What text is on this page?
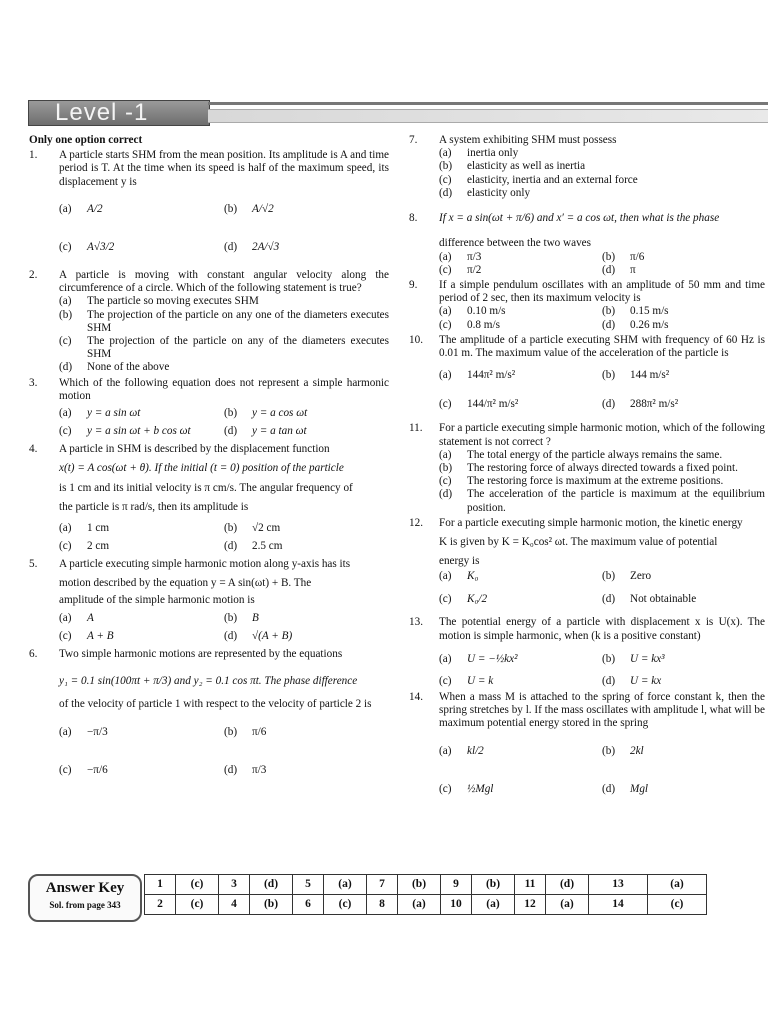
Level -1
Only one option correct
1. A particle starts SHM from the mean position. Its amplitude is A and time period is T. At the time when its speed is half of the maximum speed, its displacement y is

(a)	A/2	(b)	A/√2
(c)	A√3/2	(d)	2A/√3
2. A particle is moving with constant angular velocity along the circumference of a circle. Which of the following statement is true?

(a)	The particle so moving executes SHM
(b)	The projection of the particle on any one of the diameters executes SHM
(c)	The projection of the particle on any of the diameters executes SHM
(d)	None of the above
3. Which of the following equation does not represent a simple harmonic motion

(a)	y = a sin ωt	(b)	y = a cos ωt
(c)	y = a sin ωt + b cos ωt	(d)	y = a tan ωt
4. A particle in SHM is described by the displacement function

x(t) = A cos(ωt + θ). If the initial (t = 0) position of the particle

is 1 cm and its initial velocity is π cm/s. The angular frequency of

the particle is π rad/s, then its amplitude is

(a)	1 cm	(b)	√2 cm
(c)	2 cm	(d)	2.5 cm
5. A particle executing simple harmonic motion along y-axis has its

motion described by the equation y = A sin(ωt) + B. The

amplitude of the simple harmonic motion is

(a)	A	(b)	B
(c)	A + B	(d)	√(A + B)
6. Two simple harmonic motions are represented by the equations

y₁ = 0.1 sin(100πt + π/3) and y₂ = 0.1 cos πt. The phase difference

of the velocity of particle 1 with respect to the velocity of particle 2 is

(a)	−π/3	(b)	π/6
(c)	−π/6	(d)	π/3
7. A system exhibiting SHM must possess

(a)	inertia only
(b)	elasticity as well as inertia
(c)	elasticity, inertia and an external force
(d)	elasticity only
8. If x = a sin(ωt + π/6) and x′ = a cos ωt, then what is the phase

difference between the two waves

(a)	π/3	(b)	π/6
(c)	π/2	(d)	π
9. If a simple pendulum oscillates with an amplitude of 50 mm and time period of 2 sec, then its maximum velocity is

(a)	0.10 m/s	(b)	0.15 m/s
(c)	0.8 m/s	(d)	0.26 m/s
10. The amplitude of a particle executing SHM with frequency of 60 Hz is 0.01 m. The maximum value of the acceleration of the particle is

(a)	144π² m/s²	(b)	144 m/s²
(c)	144/π² m/s²	(d)	288π² m/s²
11. For a particle executing simple harmonic motion, which of the following statement is not correct ?

(a)	The total energy of the particle always remains the same.
(b)	The restoring force of always directed towards a fixed point.
(c)	The restoring force is maximum at the extreme positions.
(d)	The acceleration of the particle is maximum at the equilibrium position.
12. For a particle executing simple harmonic motion, the kinetic energy

K is given by K = K₀cos² ωt. The maximum value of potential

energy is

(a)	K₀	(b)	Zero
(c)	K₀/2	(d)	Not obtainable
13. The potential energy of a particle with displacement x is U(x). The motion is simple harmonic, when (k is a positive constant)

(a)	U = −½kx²	(b)	U = kx³
(c)	U = k	(d)	U = kx
14. When a mass M is attached to the spring of force constant k, then the spring stretches by l. If the mass oscillates with amplitude l, what will be maximum potential energy stored in the spring

(a)	kl/2	(b)	2kl
(c)	½Mgl	(d)	Mgl
Answer Key
Sol. from page 343
1	(c)	3	(d)	5	(a)	7	(b)	9	(b)	11	(d)	13	(a)
2	(c)	4	(b)	6	(c)	8	(a)	10	(a)	12	(a)	14	(c)
